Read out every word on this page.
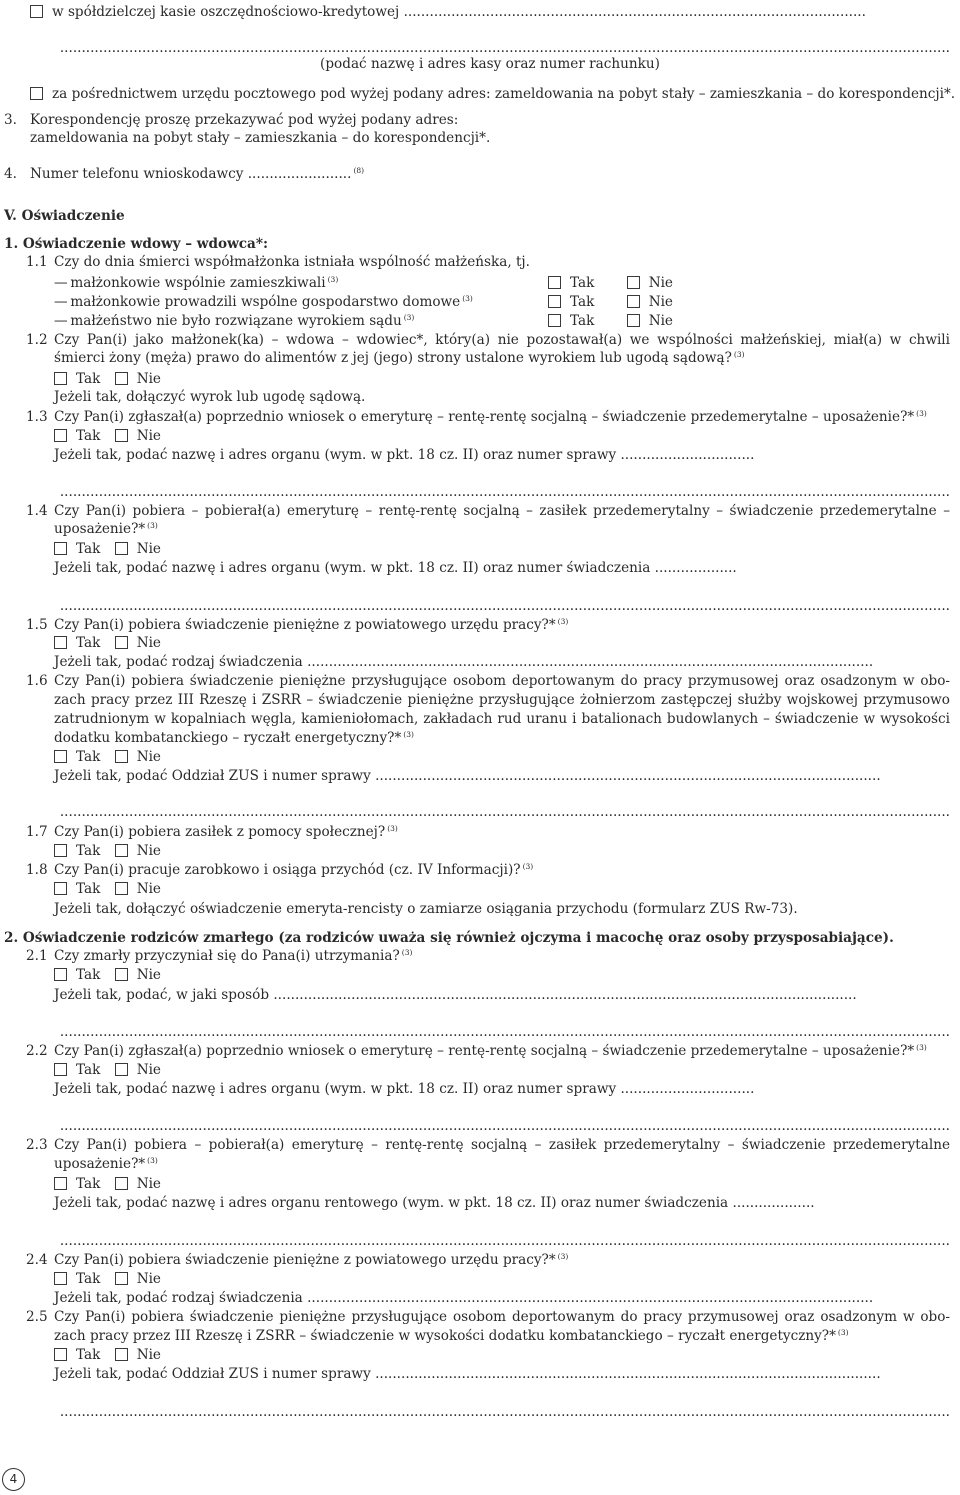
w spółdzielczej kasie oszczędnościowo-kredytowej ...........................................................................................................
..............................................................................................................................................................................................................
(podać nazwę i adres kasy oraz numer rachunku)
za pośrednictwem urzędu pocztowego pod wyżej podany adres: zameldowania na pobyt stały – zamieszkania – do korespondencji*.
3. Korespondencję proszę przekazywać pod wyżej podany adres:
zameldowania na pobyt stały – zamieszkania – do korespondencji*.
4. Numer telefonu wnioskodawcy ........................ $^{(8)}$
V. Oświadczenie
1. Oświadczenie wdowy – wdowca*:
1.1 Czy do dnia śmierci współmałżonka istniała wspólność małżeńska, tj.
— małżonkowie wspólnie zamieszkiwali $^{(3)}$	Tak	Nie
— małżonkowie prowadzili wspólne gospodarstwo domowe $^{(3)}$	Tak	Nie
— małżeństwo nie było rozwiązane wyrokiem sądu $^{(3)}$	Tak	Nie
1.2 Czy Pan(i) jako małżonek(ka) – wdowa – wdowiec*, który(a) nie pozostawał(a) we wspólności małżeńskiej, miał(a) w chwili
śmierci żony (męża) prawo do alimentów z jej (jego) strony ustalone wyrokiem lub ugodą sądową? $^{(3)}$
Tak	Nie
Jeżeli tak, dołączyć wyrok lub ugodę sądową.
1.3 Czy Pan(i) zgłaszał(a) poprzednio wniosek o emeryturę – rentę-rentę socjalną – świadczenie przedemerytalne – uposażenie?* $^{(3)}$
Tak	Nie
Jeżeli tak, podać nazwę i adres organu (wym. w pkt. 18 cz. II) oraz numer sprawy ...............................
..............................................................................................................................................................................................................
1.4 Czy Pan(i) pobiera – pobierał(a) emeryturę – rentę-rentę socjalną – zasiłek przedemerytalny – świadczenie przedemerytalne –
uposażenie?* $^{(3)}$
Tak	Nie
Jeżeli tak, podać nazwę i adres organu (wym. w pkt. 18 cz. II) oraz numer świadczenia ...................
..............................................................................................................................................................................................................
1.5 Czy Pan(i) pobiera świadczenie pieniężne z powiatowego urzędu pracy?* $^{(3)}$
Tak	Nie
Jeżeli tak, podać rodzaj świadczenia ...................................................................................................................................
1.6 Czy Pan(i) pobiera świadczenie pieniężne przysługujące osobom deportowanym do pracy przymusowej oraz osadzonym w obo-
zach pracy przez III Rzeszę i ZSRR – świadczenie pieniężne przysługujące żołnierzom zastępczej służby wojskowej przymusowo
zatrudnionym w kopalniach węgla, kamieniołomach, zakładach rud uranu i batalionach budowlanych – świadczenie w wysokości
dodatku kombatanckiego – ryczałt energetyczny?* $^{(3)}$
Tak	Nie
Jeżeli tak, podać Oddział ZUS i numer sprawy .....................................................................................................................
..............................................................................................................................................................................................................
1.7 Czy Pan(i) pobiera zasiłek z pomocy społecznej? $^{(3)}$
Tak	Nie
1.8 Czy Pan(i) pracuje zarobkowo i osiąga przychód (cz. IV Informacji)? $^{(3)}$
Tak	Nie
Jeżeli tak, dołączyć oświadczenie emeryta-rencisty o zamiarze osiągania przychodu (formularz ZUS Rw-73).
2. Oświadczenie rodziców zmarłego (za rodziców uważa się również ojczyma i macochę oraz osoby przysposabiające).
2.1 Czy zmarły przyczyniał się do Pana(i) utrzymania? $^{(3)}$
Tak	Nie
Jeżeli tak, podać, w jaki sposób .......................................................................................................................................
..............................................................................................................................................................................................................
2.2 Czy Pan(i) zgłaszał(a) poprzednio wniosek o emeryturę – rentę-rentę socjalną – świadczenie przedemerytalne – uposażenie?* $^{(3)}$
Tak	Nie
Jeżeli tak, podać nazwę i adres organu (wym. w pkt. 18 cz. II) oraz numer sprawy ...............................
..............................................................................................................................................................................................................
2.3 Czy Pan(i) pobiera – pobierał(a) emeryturę – rentę-rentę socjalną – zasiłek przedemerytalny – świadczenie przedemerytalne
uposażenie?* $^{(3)}$
Tak	Nie
Jeżeli tak, podać nazwę i adres organu rentowego (wym. w pkt. 18 cz. II) oraz numer świadczenia ...................
..............................................................................................................................................................................................................
2.4 Czy Pan(i) pobiera świadczenie pieniężne z powiatowego urzędu pracy?* $^{(3)}$
Tak	Nie
Jeżeli tak, podać rodzaj świadczenia ...................................................................................................................................
2.5 Czy Pan(i) pobiera świadczenie pieniężne przysługujące osobom deportowanym do pracy przymusowej oraz osadzonym w obo-
zach pracy przez III Rzeszę i ZSRR – świadczenie w wysokości dodatku kombatanckiego – ryczałt energetyczny?* $^{(3)}$
Tak	Nie
Jeżeli tak, podać Oddział ZUS i numer sprawy .....................................................................................................................
..............................................................................................................................................................................................................
4
